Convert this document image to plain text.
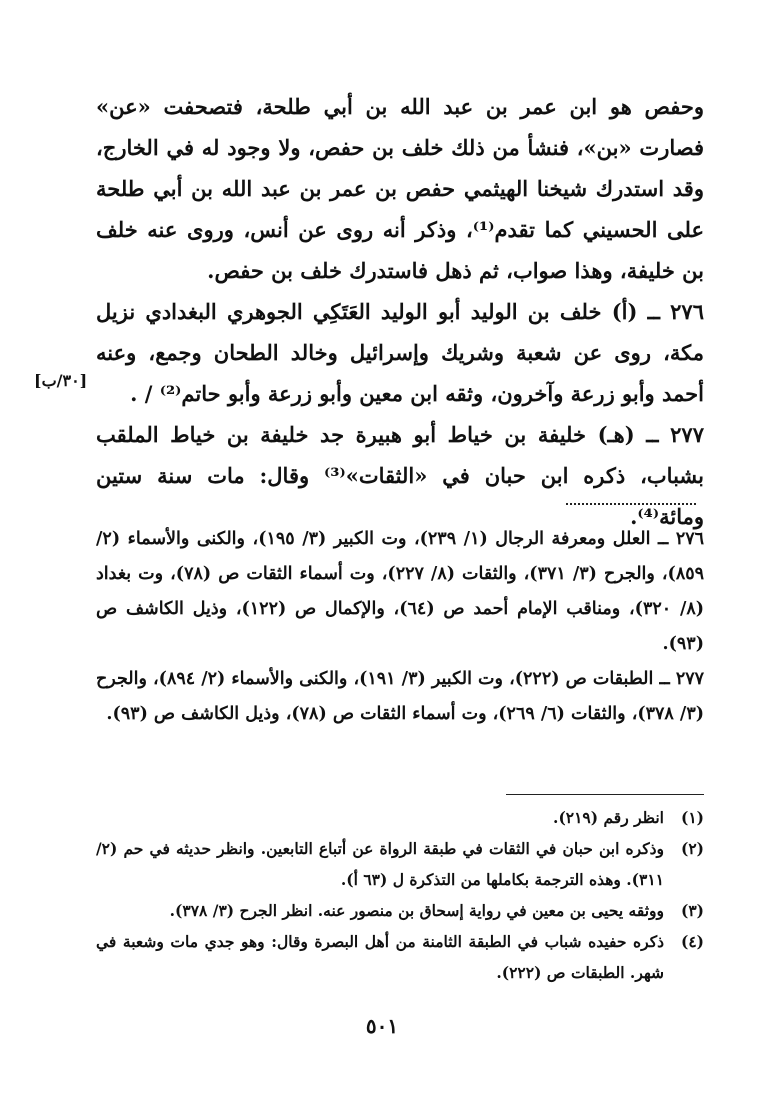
وحفص هو ابن عمر بن عبد الله بن أبي طلحة، فتصحفت «عن» فصارت «بن»، فنشأ من ذلك خلف بن حفص، ولا وجود له في الخارج، وقد استدرك شيخنا الهيثمي حفص بن عمر بن عبد الله بن أبي طلحة على الحسيني كما تقدم⁽¹⁾، وذكر أنه روى عن أنس، وروى عنه خلف بن خليفة، وهذا صواب، ثم ذهل فاستدرك خلف بن حفص.

٢٧٦ ــ (أ) خلف بن الوليد أبو الوليد العَتَكِي الجوهري البغدادي نزيل مكة، روى عن شعبة وشريك وإسرائيل وخالد الطحان وجمع، وعنه أحمد وأبو زرعة وآخرون، وثقه ابن معين وأبو زرعة وأبو حاتم⁽²⁾ / .

٢٧٧ ــ (هـ) خليفة بن خياط أبو هبيرة جد خليفة بن خياط الملقب بشباب، ذكره ابن حبان في «الثقات»⁽³⁾ وقال: مات سنة ستين ومائة⁽⁴⁾.

[٣٠/ب]

٢٧٦ ــ العلل ومعرفة الرجال (١/ ٢٣٩)، وت الكبير (٣/ ١٩٥)، والكنى والأسماء (٢/ ٨٥٩)، والجرح (٣/ ٣٧١)، والثقات (٨/ ٢٢٧)، وت أسماء الثقات ص (٧٨)، وت بغداد (٨/ ٣٢٠)، ومناقب الإمام أحمد ص (٦٤)، والإكمال ص (١٢٢)، وذيل الكاشف ص (٩٣).

٢٧٧ ــ الطبقات ص (٢٢٢)، وت الكبير (٣/ ١٩١)، والكنى والأسماء (٢/ ٨٩٤)، والجرح (٣/ ٣٧٨)، والثقات (٦/ ٢٦٩)، وت أسماء الثقات ص (٧٨)، وذيل الكاشف ص (٩٣).

(١)
انظر رقم (٢١٩).
(٢)
وذكره ابن حبان في الثقات في طبقة الرواة عن أتباع التابعين. وانظر حديثه في حم (٢/ ٣١١). وهذه الترجمة بكاملها من التذكرة ل (٦٣ أ).
(٣)
ووثقه يحيى بن معين في رواية إسحاق بن منصور عنه. انظر الجرح (٣/ ٣٧٨).
(٤)
ذكره حفيده شباب في الطبقة الثامنة من أهل البصرة وقال: وهو جدي مات وشعبة في شهر. الطبقات ص (٢٢٢).
٥٠١
